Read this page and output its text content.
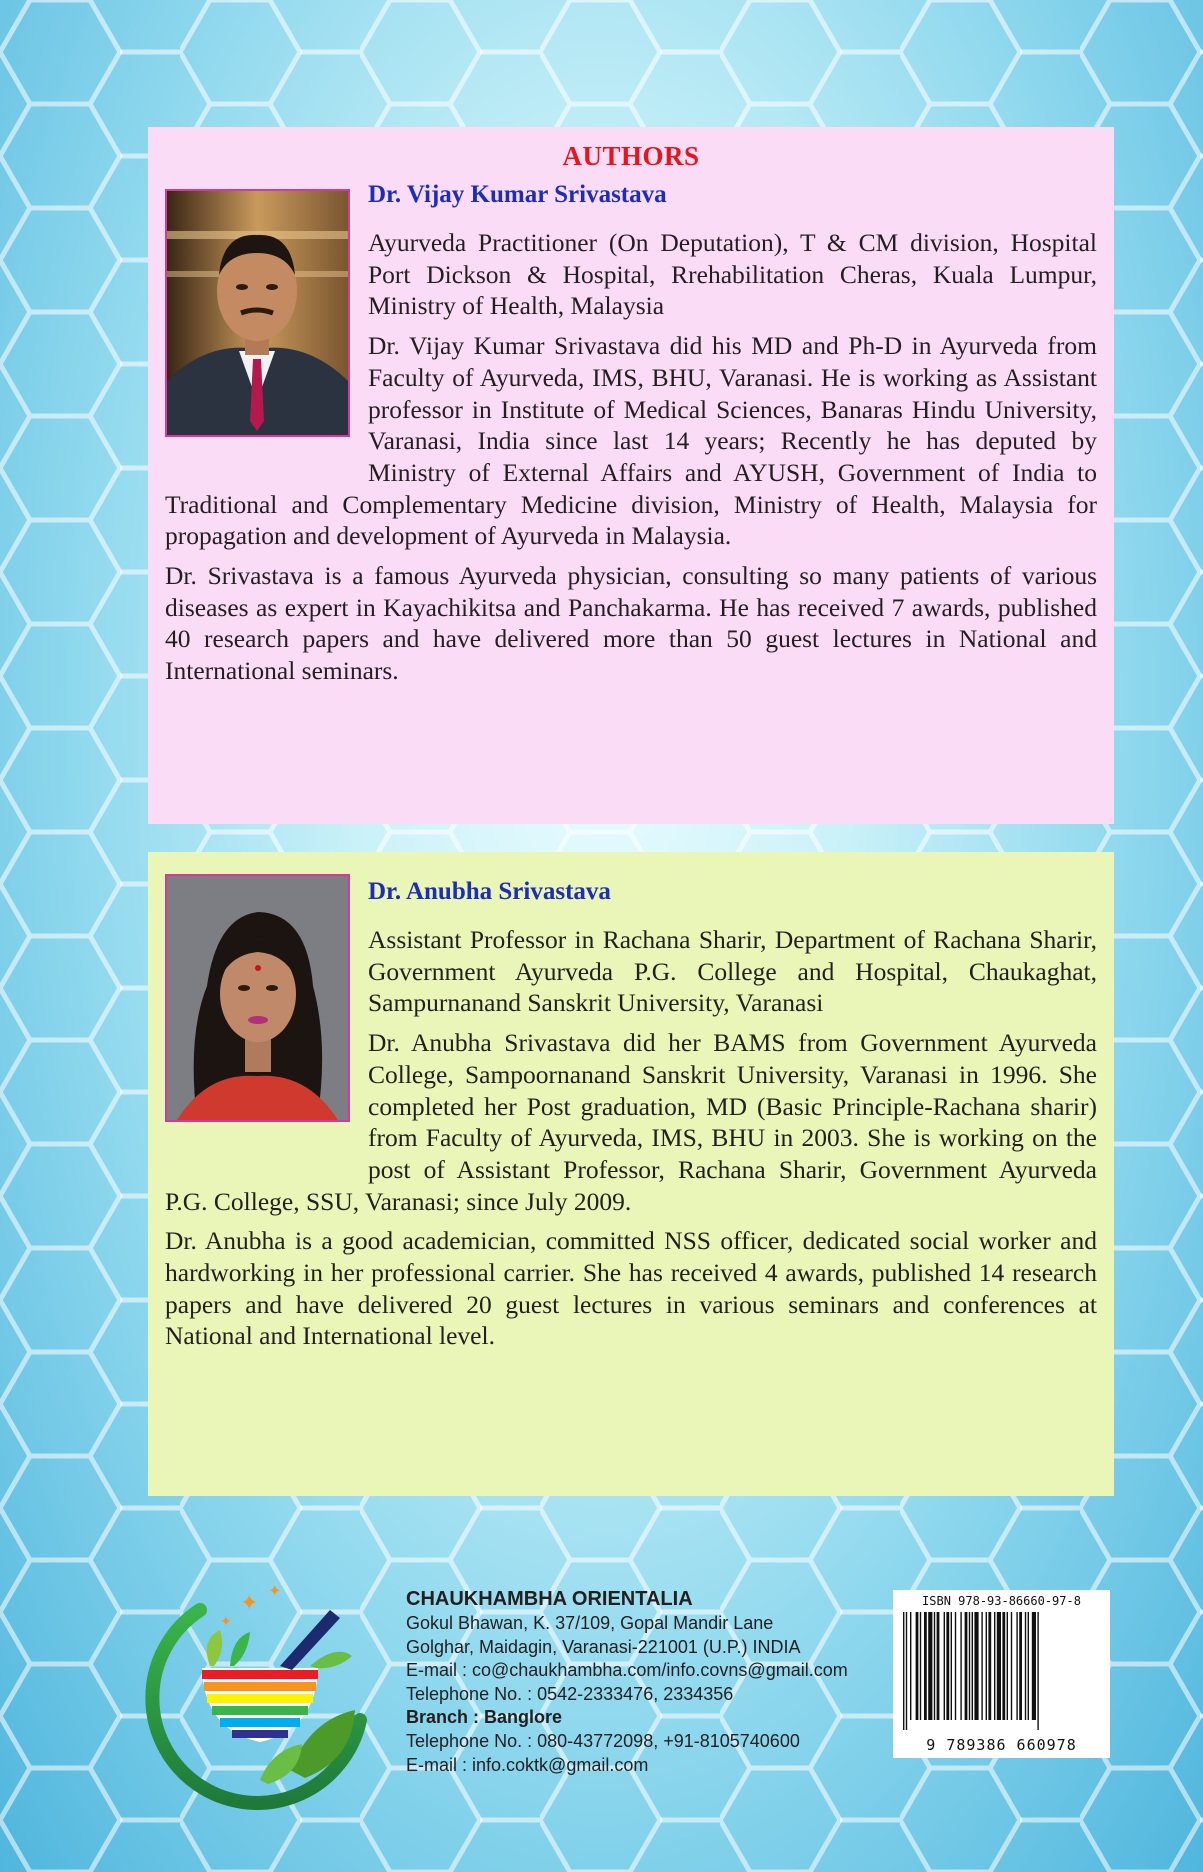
AUTHORS
Dr. Vijay Kumar Srivastava

Ayurveda Practitioner (On Deputation), T & CM division, Hospital Port Dickson & Hospital, Rrehabilitation Cheras, Kuala Lumpur, Ministry of Health, Malaysia

Dr. Vijay Kumar Srivastava did his MD and Ph-D in Ayurveda from Faculty of Ayurveda, IMS, BHU, Varanasi. He is working as Assistant professor in Institute of Medical Sciences, Banaras Hindu University, Varanasi, India since last 14 years; Recently he has deputed by Ministry of External Affairs and AYUSH, Government of India to Traditional and Complementary Medicine division, Ministry of Health, Malaysia for propagation and development of Ayurveda in Malaysia.

Dr. Srivastava is a famous Ayurveda physician, consulting so many patients of various diseases as expert in Kayachikitsa and Panchakarma. He has received 7 awards, published 40 research papers and have delivered more than 50 guest lectures in National and International seminars.

Dr. Anubha Srivastava

Assistant Professor in Rachana Sharir, Department of Rachana Sharir, Government Ayurveda P.G. College and Hospital, Chaukaghat, Sampurnanand Sanskrit University, Varanasi

Dr. Anubha Srivastava did her BAMS from Government Ayurveda College, Sampoornanand Sanskrit University, Varanasi in 1996. She completed her Post graduation, MD (Basic Principle-Rachana sharir) from Faculty of Ayurveda, IMS, BHU in 2003. She is working on the post of Assistant Professor, Rachana Sharir, Government Ayurveda P.G. College, SSU, Varanasi; since July 2009.

Dr. Anubha is a good academician, committed NSS officer, dedicated social worker and hardworking in her professional carrier. She has received 4 awards, published 14 research papers and have delivered 20 guest lectures in various seminars and conferences at National and International level.

✦ ✦
✦
CHAUKHAMBHA ORIENTALIA
Gokul Bhawan, K. 37/109, Gopal Mandir Lane
Golghar, Maidagin, Varanasi-221001 (U.P.) INDIA
E-mail : co@chaukhambha.com/info.covns@gmail.com
Telephone No. : 0542-2333476, 2334356
Branch : Banglore
Telephone No. : 080-43772098, +91-8105740600
E-mail : info.coktk@gmail.com
ISBN 978-93-86660-97-8
9 789386 660978
